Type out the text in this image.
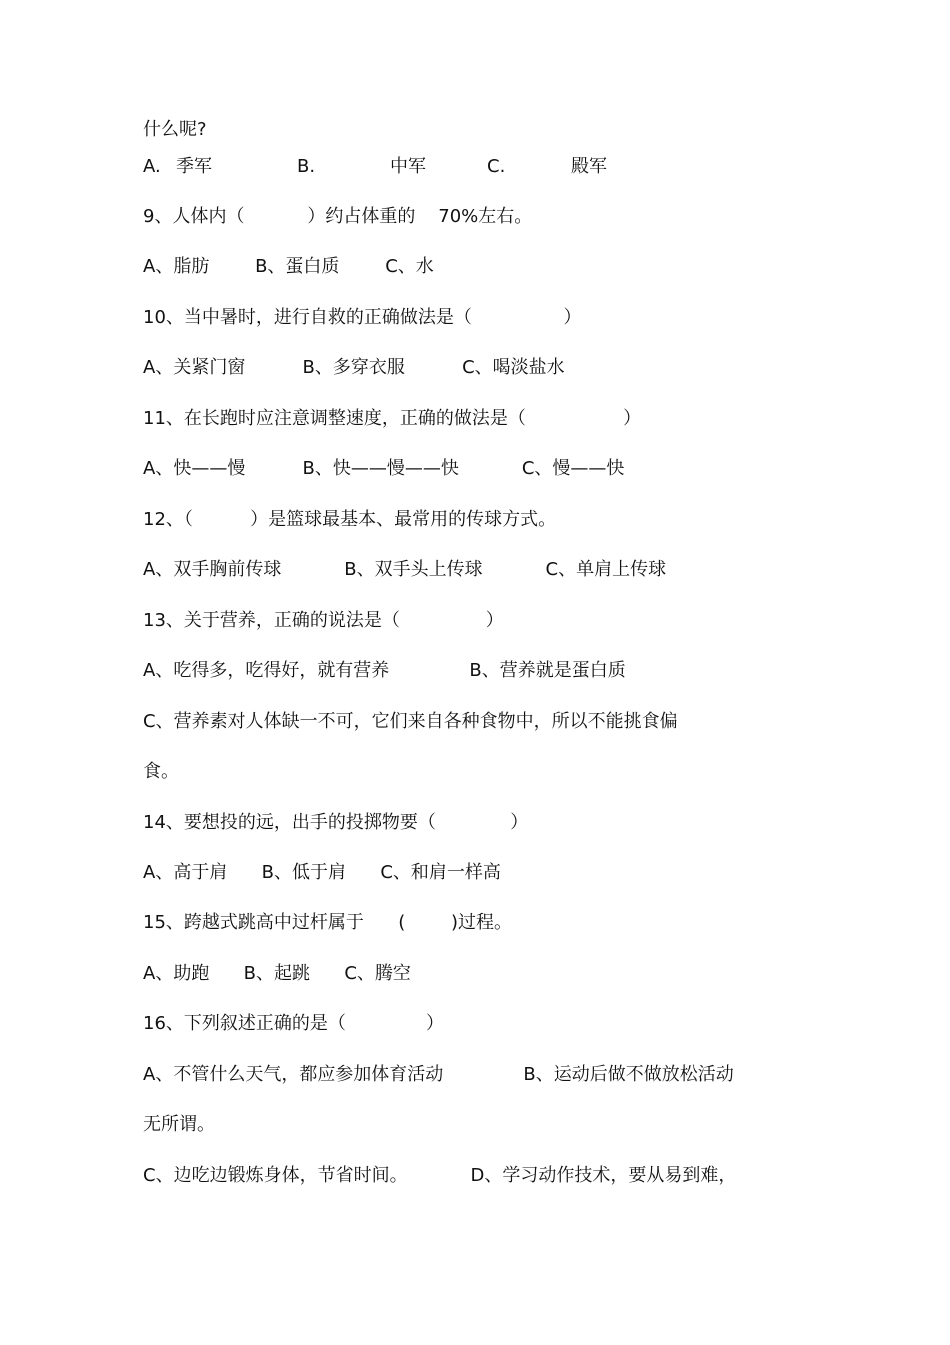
什么呢?

A. 季军	B.	中军	C.	殿军

9、人体内（           ）约占体重的    70%左右。

A、脂肪        B、蛋白质        C、水

10、当中暑时，进行自救的正确做法是（                ）

A、关紧门窗          B、多穿衣服          C、喝淡盐水

11、在长跑时应注意调整速度，正确的做法是（                 ）

A、快——慢          B、快——慢——快           C、慢——快

12、（          ）是篮球最基本、最常用的传球方式。

A、双手胸前传球           B、双手头上传球           C、单肩上传球

13、关于营养，正确的说法是（               ）

A、吃得多，吃得好，就有营养              B、营养就是蛋白质

C、营养素对人体缺一不可，它们来自各种食物中，所以不能挑食偏

食。

14、要想投的远，出手的投掷物要（             ）

A、高于肩      B、低于肩      C、和肩一样高

15、跨越式跳高中过杆属于      (        )过程。

A、助跑      B、起跳      C、腾空

16、下列叙述正确的是（              ）

A、不管什么天气，都应参加体育活动              B、运动后做不做放松活动

无所谓。

C、边吃边锻炼身体，节省时间。           D、学习动作技术，要从易到难，
